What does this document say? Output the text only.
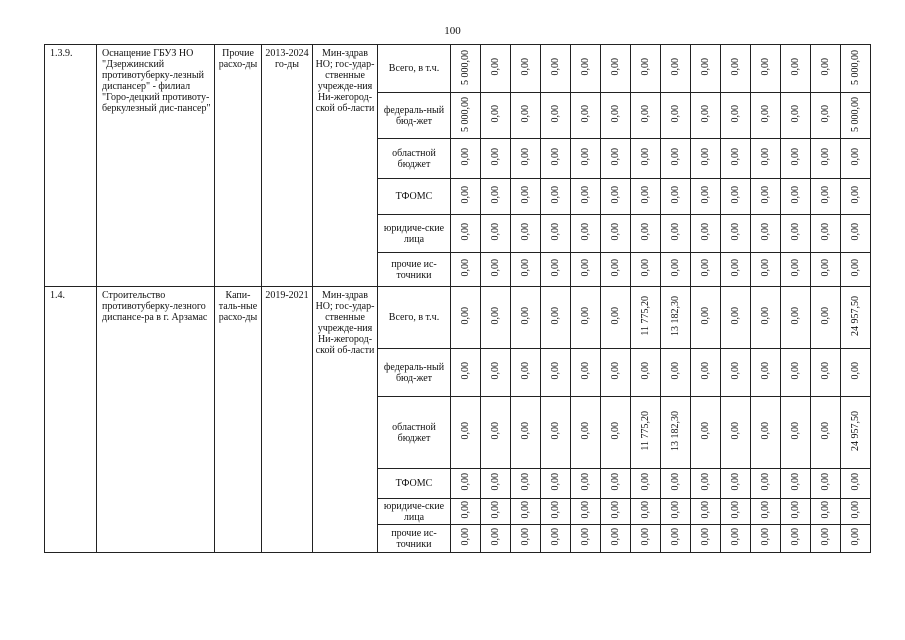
100
1.3.9.	Оснащение ГБУЗ НО "Дзержинский противотуберку-лезный диспансер" - филиал "Горо-децкий противоту-беркулезный дис-пансер"	Прочие расхо-ды	2013-2024 го-ды	Мин-здрав НО; гос-удар-ственные учрежде-ния Ни-жегород-ской об-ласти	Всего, в т.ч.	5 000,00	0,00	0,00	0,00	0,00	0,00	0,00	0,00	0,00	0,00	0,00	0,00	0,00	5 000,00
					федераль-ный бюд-жет	5 000,00	0,00	0,00	0,00	0,00	0,00	0,00	0,00	0,00	0,00	0,00	0,00	0,00	5 000,00
					областной бюджет	0,00	0,00	0,00	0,00	0,00	0,00	0,00	0,00	0,00	0,00	0,00	0,00	0,00	0,00
					ТФОМС	0,00	0,00	0,00	0,00	0,00	0,00	0,00	0,00	0,00	0,00	0,00	0,00	0,00	0,00
					юридиче-ские лица	0,00	0,00	0,00	0,00	0,00	0,00	0,00	0,00	0,00	0,00	0,00	0,00	0,00	0,00
					прочие ис-точники	0,00	0,00	0,00	0,00	0,00	0,00	0,00	0,00	0,00	0,00	0,00	0,00	0,00	0,00
1.4.	Строительство противотуберку-лезного диспансе-ра в г. Арзамас	Капи-таль-ные расхо-ды	2019-2021	Мин-здрав НО; гос-удар-ственные учрежде-ния Ни-жегород-ской об-ласти	Всего, в т.ч.	0,00	0,00	0,00	0,00	0,00	0,00	11 775,20	13 182,30	0,00	0,00	0,00	0,00	0,00	24 957,50
					федераль-ный бюд-жет	0,00	0,00	0,00	0,00	0,00	0,00	0,00	0,00	0,00	0,00	0,00	0,00	0,00	0,00
					областной бюджет	0,00	0,00	0,00	0,00	0,00	0,00	11 775,20	13 182,30	0,00	0,00	0,00	0,00	0,00	24 957,50
					ТФОМС	0,00	0,00	0,00	0,00	0,00	0,00	0,00	0,00	0,00	0,00	0,00	0,00	0,00	0,00
					юридиче-ские лица	0,00	0,00	0,00	0,00	0,00	0,00	0,00	0,00	0,00	0,00	0,00	0,00	0,00	0,00
					прочие ис-точники	0,00	0,00	0,00	0,00	0,00	0,00	0,00	0,00	0,00	0,00	0,00	0,00	0,00	0,00
